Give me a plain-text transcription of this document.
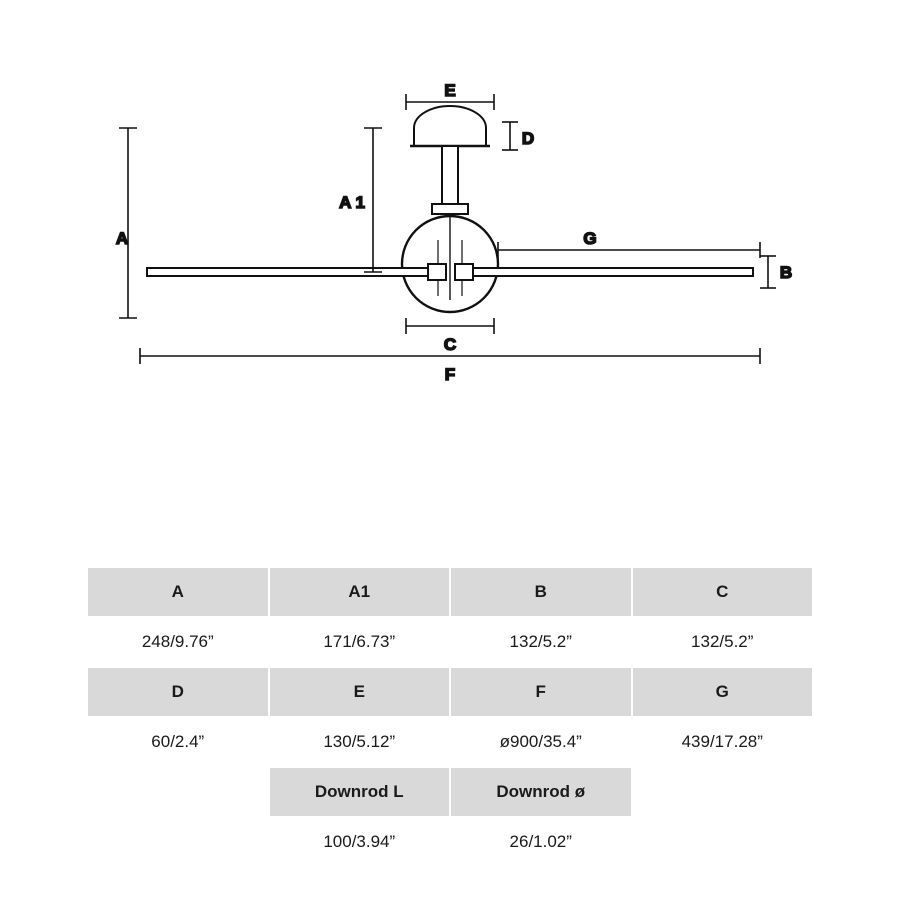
A
A 1
B
C
D
E
F
G
A	A1	B	C
248/9.76”	171/6.73”	132/5.2”	132/5.2”
D	E	F	G
60/2.4”	130/5.12”	ø900/35.4”	439/17.28”
	Downrod L	Downrod ø	
	100/3.94”	26/1.02”	
